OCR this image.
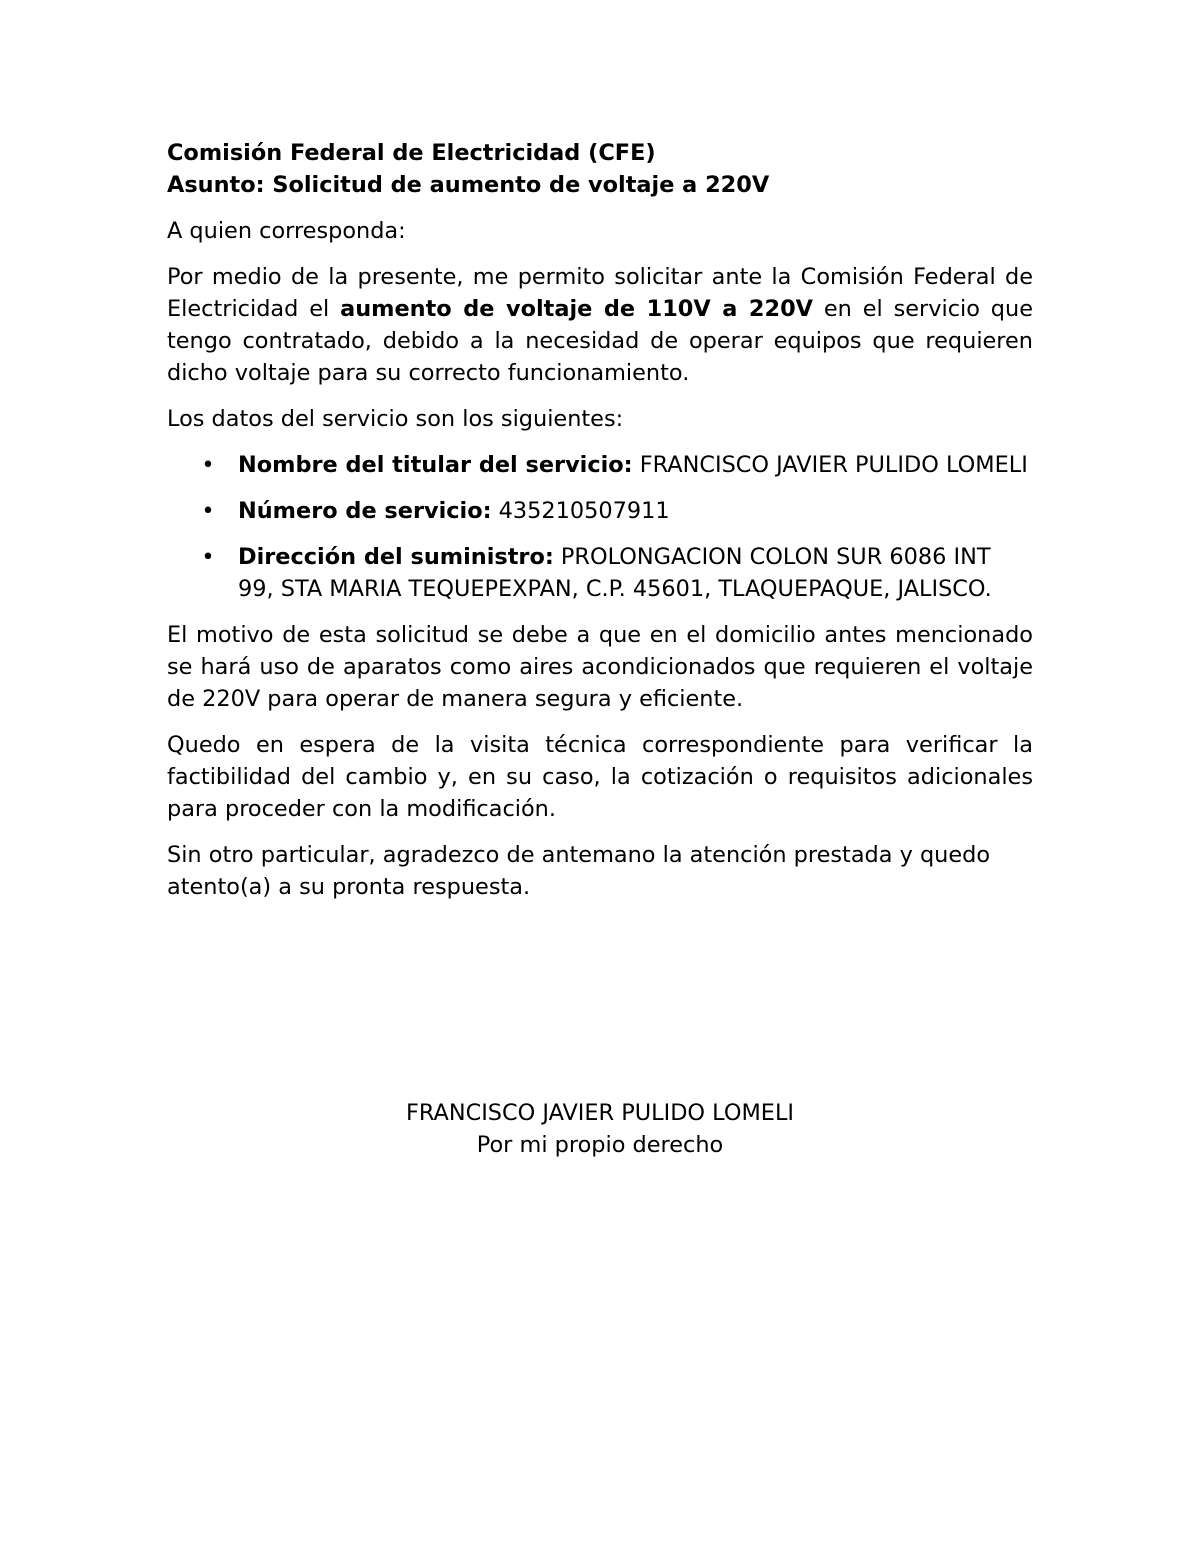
Comisión Federal de Electricidad (CFE)

Asunto: Solicitud de aumento de voltaje a 220V

A quien corresponda:

Por medio de la presente, me permito solicitar ante la Comisión Federal de Electricidad el aumento de voltaje de 110V a 220V en el servicio que tengo contratado, debido a la necesidad de operar equipos que requieren dicho voltaje para su correcto funcionamiento.

Los datos del servicio son los siguientes:

• Nombre del titular del servicio: FRANCISCO JAVIER PULIDO LOMELI
• Número de servicio: 435210507911
• Dirección del suministro: PROLONGACION COLON SUR 6086 INT 99, STA MARIA TEQUEPEXPAN, C.P. 45601, TLAQUEPAQUE, JALISCO.

El motivo de esta solicitud se debe a que en el domicilio antes mencionado se hará uso de aparatos como aires acondicionados que requieren el voltaje de 220V para operar de manera segura y eficiente.

Quedo en espera de la visita técnica correspondiente para verificar la factibilidad del cambio y, en su caso, la cotización o requisitos adicionales para proceder con la modificación.

Sin otro particular, agradezco de antemano la atención prestada y quedo atento(a) a su pronta respuesta.

FRANCISCO JAVIER PULIDO LOMELI
Por mi propio derecho
